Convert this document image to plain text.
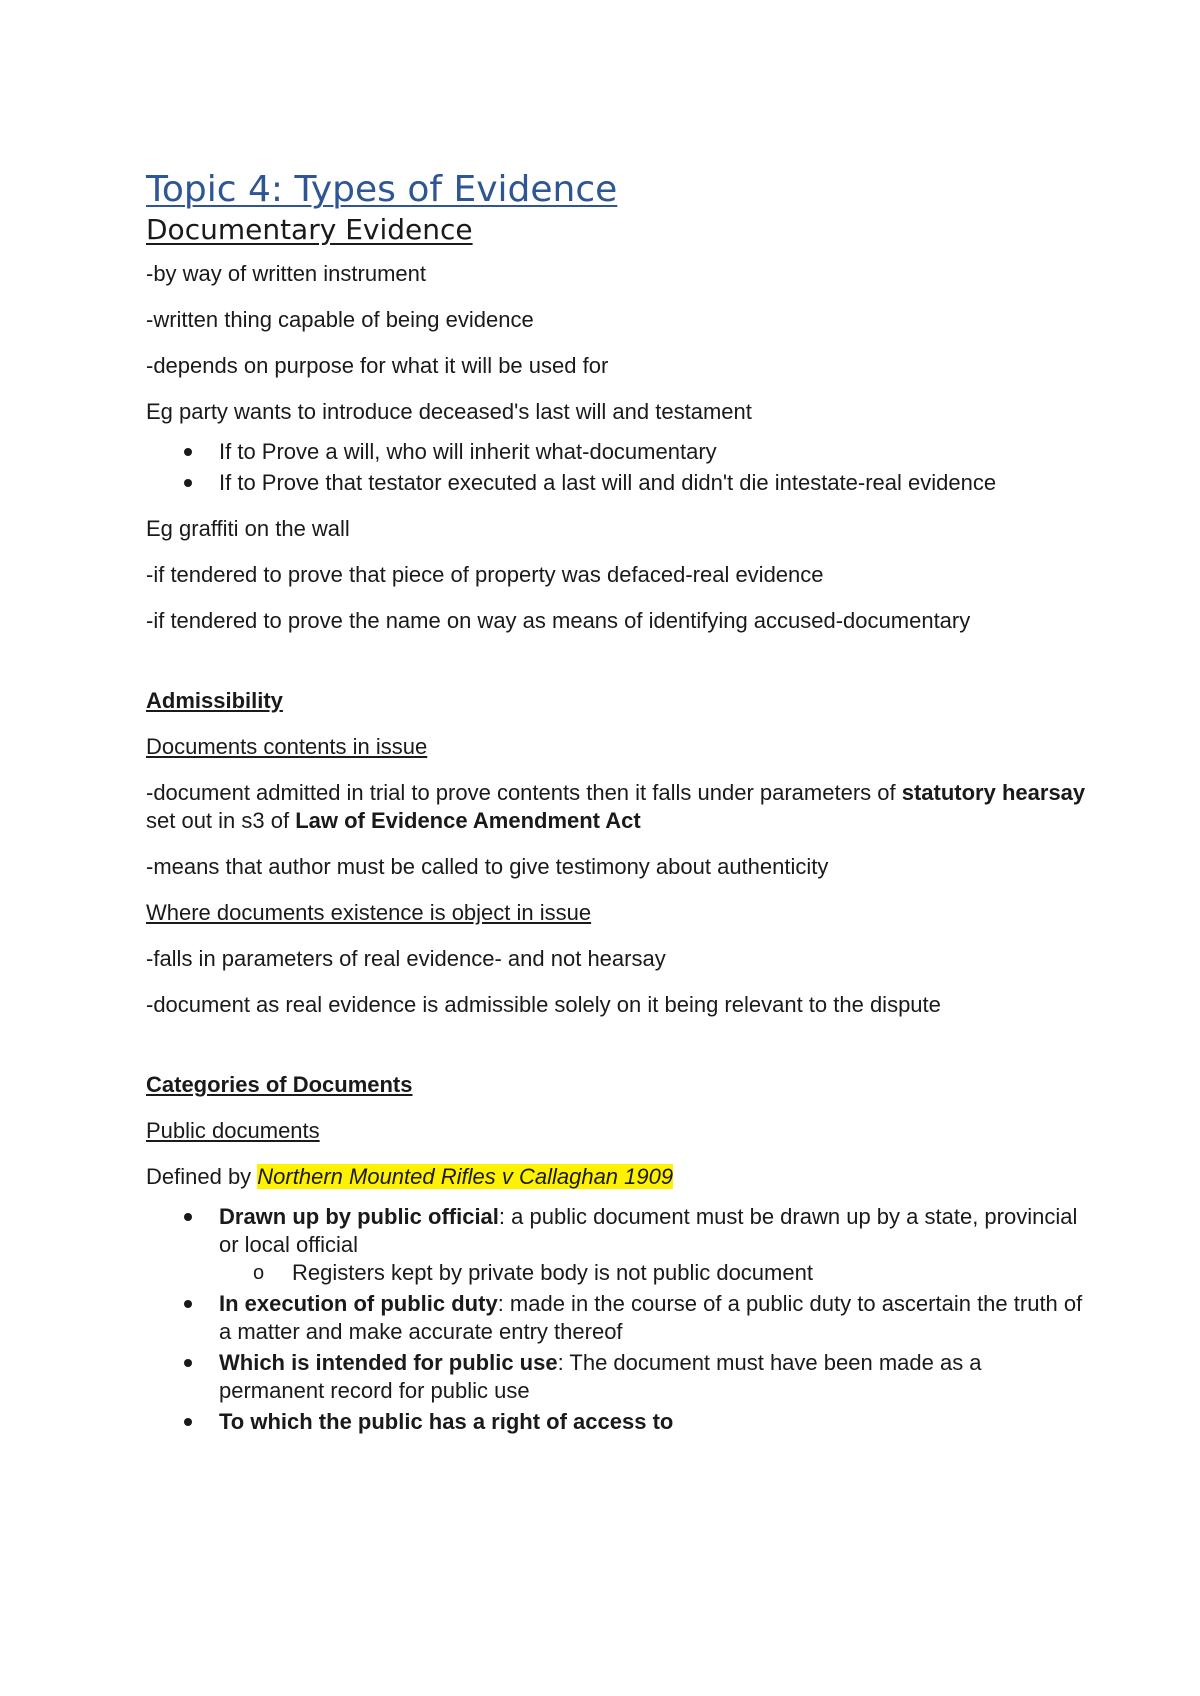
Topic 4: Types of Evidence
Documentary Evidence

-by way of written instrument

-written thing capable of being evidence

-depends on purpose for what it will be used for

Eg party wants to introduce deceased's last will and testament

If to Prove a will, who will inherit what-documentary
If to Prove that testator executed a last will and didn't die intestate-real evidence

Eg graffiti on the wall

-if tendered to prove that piece of property was defaced-real evidence

-if tendered to prove the name on way as means of identifying accused-documentary

Admissibility

Documents contents in issue

-document admitted in trial to prove contents then it falls under parameters of statutory hearsay set out in s3 of Law of Evidence Amendment Act

-means that author must be called to give testimony about authenticity

Where documents existence is object in issue

-falls in parameters of real evidence- and not hearsay

-document as real evidence is admissible solely on it being relevant to the dispute

Categories of Documents

Public documents

Defined by Northern Mounted Rifles v Callaghan 1909

Drawn up by public official: a public document must be drawn up by a state, provincial or local official
o Registers kept by private body is not public document
In execution of public duty: made in the course of a public duty to ascertain the truth of a matter and make accurate entry thereof
Which is intended for public use: The document must have been made as a permanent record for public use
To which the public has a right of access to
